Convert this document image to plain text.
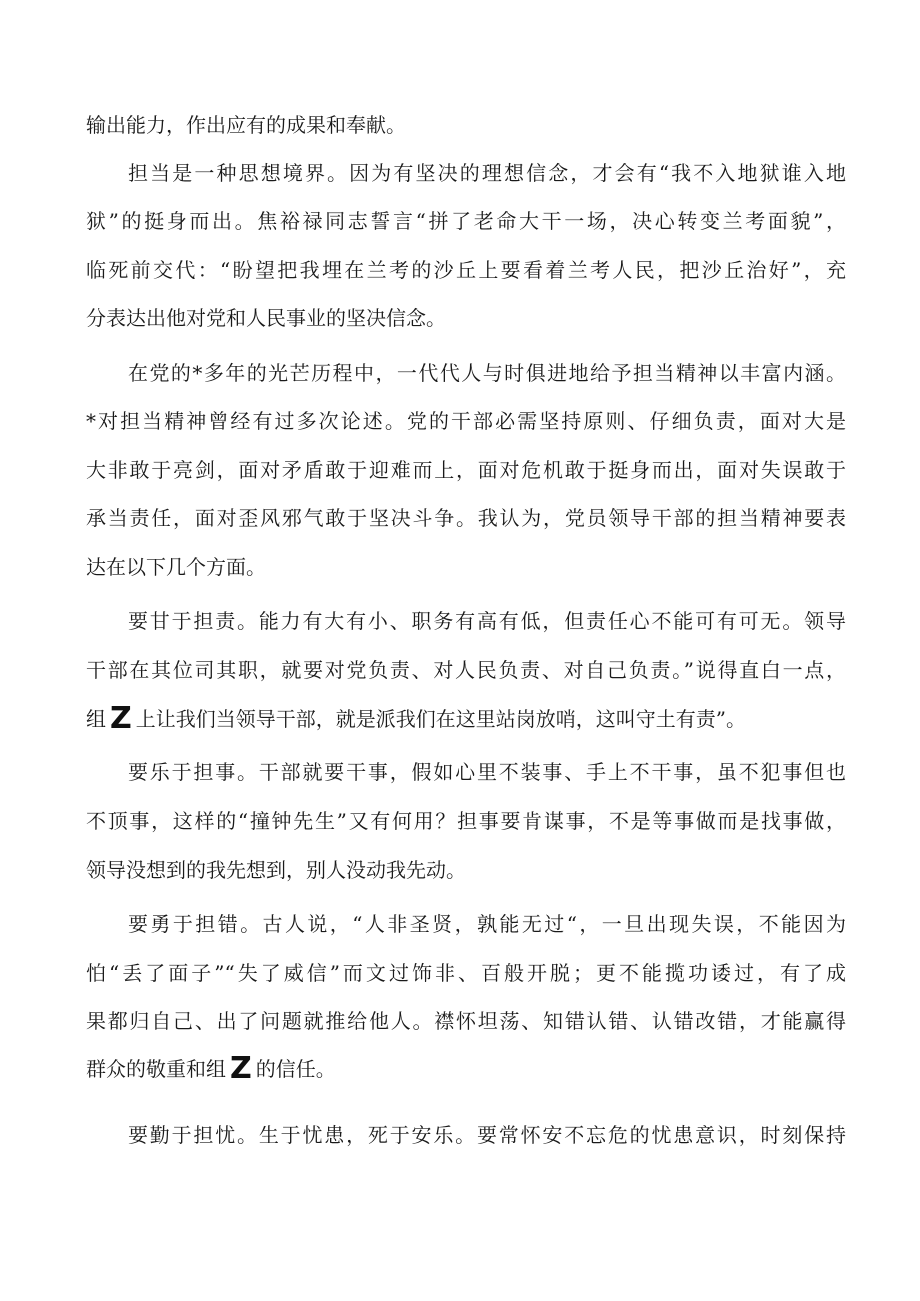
输出能力，作出应有的成果和奉献。

担当是一种思想境界。因为有坚决的理想信念，才会有“我不入地狱谁入地

狱”的挺身而出。焦裕禄同志誓言“拼了老命大干一场，决心转变兰考面貌”，

临死前交代：“盼望把我埋在兰考的沙丘上要看着兰考人民，把沙丘治好”，充

分表达出他对党和人民事业的坚决信念。

在党的*多年的光芒历程中，一代代人与时俱进地给予担当精神以丰富内涵。

*对担当精神曾经有过多次论述。党的干部必需坚持原则、仔细负责，面对大是

大非敢于亮剑，面对矛盾敢于迎难而上，面对危机敢于挺身而出，面对失误敢于

承当责任，面对歪风邪气敢于坚决斗争。我认为，党员领导干部的担当精神要表

达在以下几个方面。

要甘于担责。能力有大有小、职务有高有低，但责任心不能可有可无。领导

干部在其位司其职，就要对党负责、对人民负责、对自己负责。”说得直白一点，

组 Z 上让我们当领导干部，就是派我们在这里站岗放哨，这叫守土有责”。

要乐于担事。干部就要干事，假如心里不装事、手上不干事，虽不犯事但也

不顶事，这样的“撞钟先生”又有何用？担事要肯谋事，不是等事做而是找事做，

领导没想到的我先想到，别人没动我先动。

要勇于担错。古人说，“人非圣贤，孰能无过“，一旦出现失误，不能因为

怕“丢了面子”“失了威信”而文过饰非、百般开脱；更不能揽功诿过，有了成

果都归自己、出了问题就推给他人。襟怀坦荡、知错认错、认错改错，才能赢得

群众的敬重和组 Z 的信任。

要勤于担忧。生于忧患，死于安乐。要常怀安不忘危的忧患意识，时刻保持
